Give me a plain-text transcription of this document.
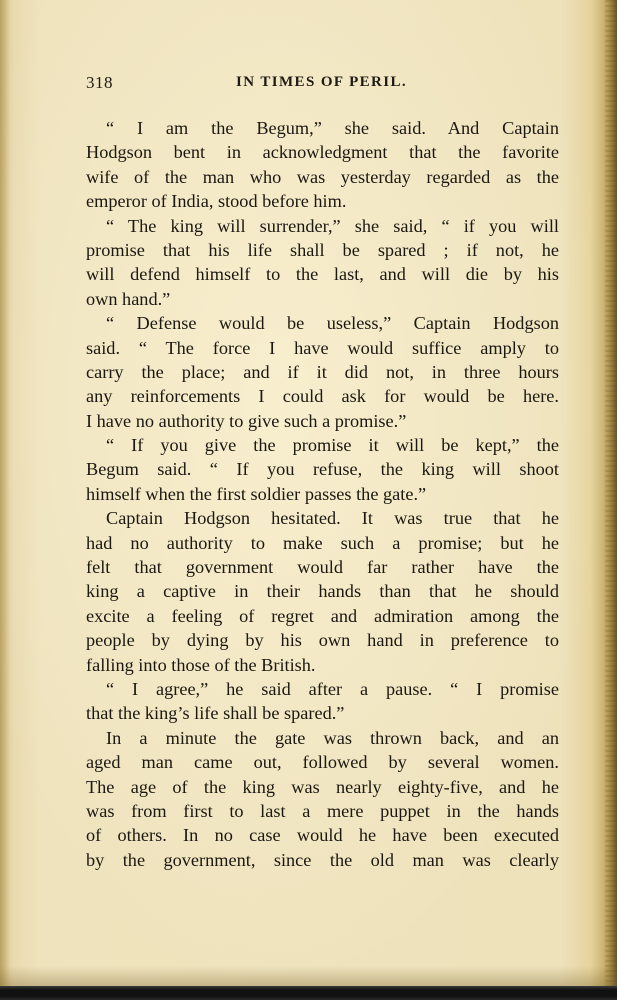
318	IN TIMES OF PERIL.
“ I am the Begum,” she said. And Captain
Hodgson bent in acknowledgment that the favorite
wife of the man who was yesterday regarded as the
emperor of India, stood before him.
“ The king will surrender,” she said, “ if you will
promise that his life shall be spared ; if not, he
will defend himself to the last, and will die by his
own hand.”
“ Defense would be useless,” Captain Hodgson
said. “ The force I have would suffice amply to
carry the place; and if it did not, in three hours
any reinforcements I could ask for would be here.
I have no authority to give such a promise.”
“ If you give the promise it will be kept,” the
Begum said. “ If you refuse, the king will shoot
himself when the first soldier passes the gate.”
Captain Hodgson hesitated. It was true that he
had no authority to make such a promise; but he
felt that government would far rather have the
king a captive in their hands than that he should
excite a feeling of regret and admiration among the
people by dying by his own hand in preference to
falling into those of the British.
“ I agree,” he said after a pause. “ I promise
that the king’s life shall be spared.”
In a minute the gate was thrown back, and an
aged man came out, followed by several women.
The age of the king was nearly eighty-five, and he
was from first to last a mere puppet in the hands
of others. In no case would he have been executed
by the government, since the old man was clearly
